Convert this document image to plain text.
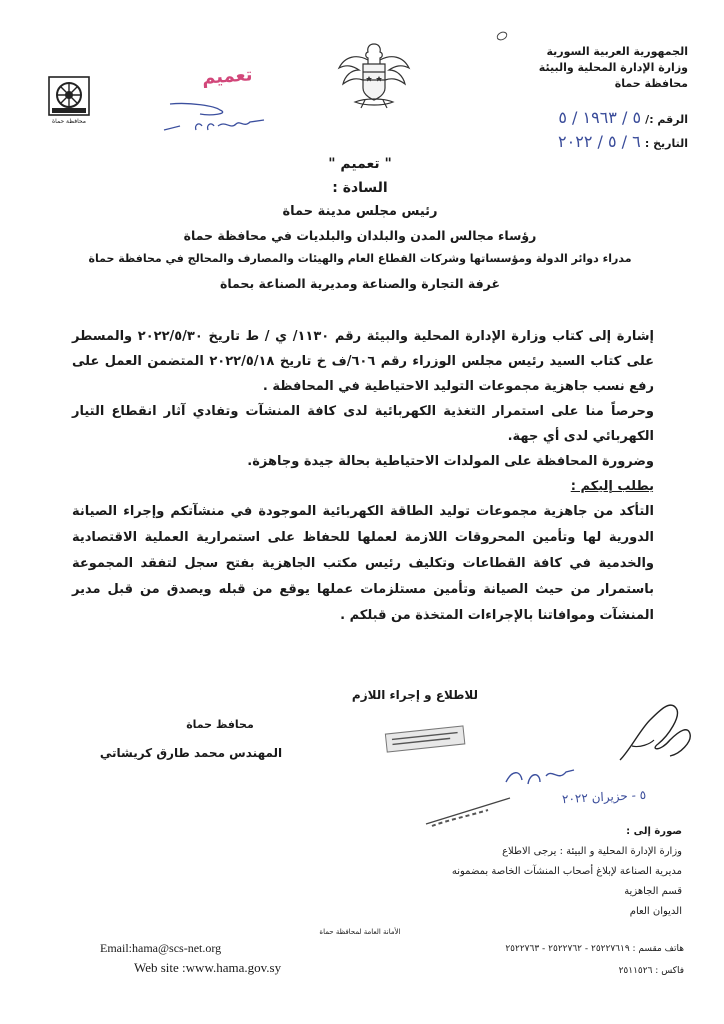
الجمهورية العربية السورية
وزارة الإدارة المحلية والبيئة
محافظة حماة
الرقم :/ ٥ / ١٩٦٣ / ٥
التاريخ : ٦ / ٥ / ٢٠٢٢
محافظة حماة
تعميم
" تعميم "
السادة :
رئيس مجلس مدينة حماة
رؤساء مجالس المدن والبلدان والبلديات في محافظة حماة
مدراء دوائر الدولة ومؤسساتها وشركات القطاع العام والهيئات والمصارف والمحالج في محافظة حماة
غرفة التجارة والصناعة ومديرية الصناعة بحماة
إشارة إلى كتاب وزارة الإدارة المحلية والبيئة رقم ١١٣٠/ ي / ط تاريخ ٢٠٢٢/٥/٣٠ والمسطر على كتاب السيد رئيس مجلس الوزراء رقم ٦٠٦/ف خ تاريخ ٢٠٢٢/٥/١٨ المتضمن العمل على رفع نسب جاهزية مجموعات التوليد الاحتياطية في المحافظة .
وحرصاً منا على استمرار التغذية الكهربائية لدى كافة المنشآت وتفادي آثار انقطاع التيار الكهربائي لدى أي جهة.
وضرورة المحافظة على المولدات الاحتياطية بحالة جيدة وجاهزة.
يطلب إليكم :
التأكد من جاهزية مجموعات توليد الطاقة الكهربائية الموجودة في منشآتكم وإجراء الصيانة الدورية لها وتأمين المحروقات اللازمة لعملها للحفاظ على استمرارية العملية الاقتصادية والخدمية في كافة القطاعات وتكليف رئيس مكتب الجاهزية بفتح سجل لتفقد المجموعة باستمرار من حيث الصيانة وتأمين مستلزمات عملها يوقع من قبله ويصدق من قبل مدير المنشآت وموافاتنا بالإجراءات المتخذة من قبلكم .
للاطلاع و إجراء اللازم
محافظ حماة
المهندس محمد طارق كريشاتي
٥ - حزيران ٢٠٢٢
صورة إلى :
وزارة الإدارة المحلية و البيئة : يرجى الاطلاع
مديرية الصناعة لإبلاغ أصحاب المنشآت الخاصة بمضمونه
قسم الجاهزية
الديوان العام
الأمانة العامة لمحافظة حماة
Email:hama@scs-net.org
Web site :www.hama.gov.sy
هاتف مقسم : ٢٥٢٢٧٦١٩ - ٢٥٢٢٧٦٢ - ٢٥٢٢٧٦٣
فاكس : ٢٥١١٥٢٦
